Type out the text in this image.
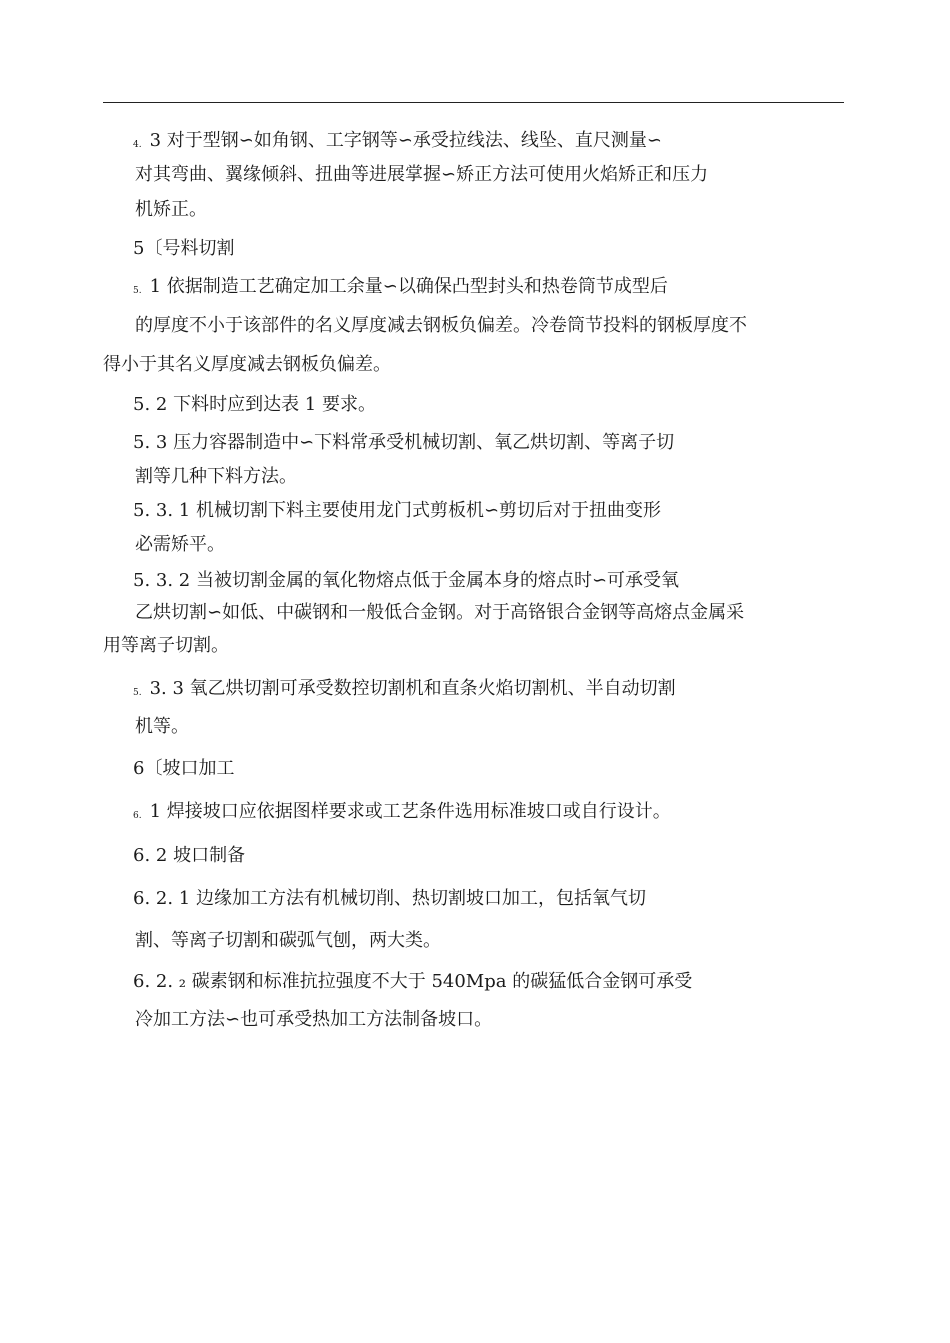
4. 3 对于型钢∽如角钢、工字钢等∽承受拉线法、线坠、直尺测量∽
对其弯曲、翼缘倾斜、扭曲等进展掌握∽矫正方法可使用火焰矫正和压力
机矫正。
5〔号料切割
5. 1 依据制造工艺确定加工余量∽以确保凸型封头和热卷筒节成型后
的厚度不小于该部件的名义厚度减去钢板负偏差。冷卷筒节投料的钢板厚度不
得小于其名义厚度减去钢板负偏差。
5. 2 下料时应到达表 1 要求。
5. 3 压力容器制造中∽下料常承受机械切割、氧乙烘切割、等离子切
割等几种下料方法。
5. 3. 1 机械切割下料主要使用龙门式剪板机∽剪切后对于扭曲变形
必需矫平。
5. 3. 2 当被切割金属的氧化物熔点低于金属本身的熔点时∽可承受氧
乙烘切割∽如低、中碳钢和一般低合金钢。对于高铬银合金钢等高熔点金属采
用等离子切割。
5. 3. 3 氧乙烘切割可承受数控切割机和直条火焰切割机、半自动切割
机等。
6〔坡口加工
6. 1 焊接坡口应依据图样要求或工艺条件选用标准坡口或自行设计。
6. 2 坡口制备
6. 2. 1 边缘加工方法有机械切削、热切割坡口加工，包括氧气切
割、等离子切割和碳弧气刨，两大类。
6. 2. ₂ 碳素钢和标准抗拉强度不大于 540Mpa 的碳猛低合金钢可承受
冷加工方法∽也可承受热加工方法制备坡口。
